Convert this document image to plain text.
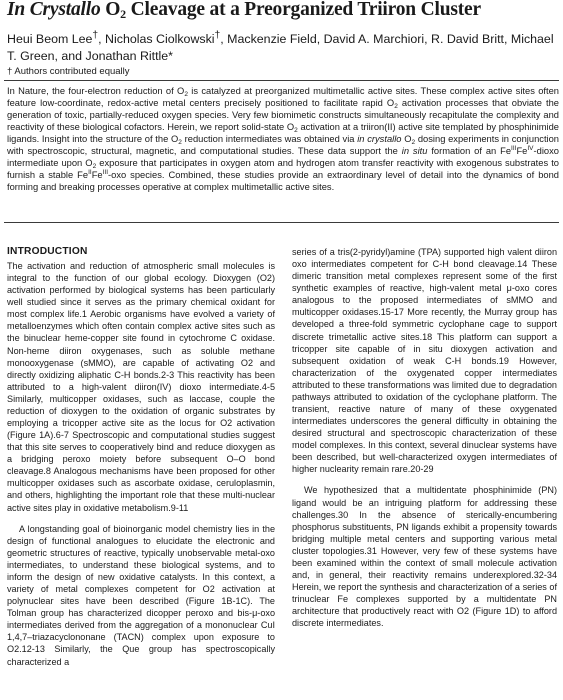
In Crystallo $O_2$ Cleavage at a Preorganized Triiron Cluster

Heui Beom Lee†, Nicholas Ciolkowski†, Mackenzie Field, David A. Marchiori, R. David Britt, Michael T. Green, and Jonathan Rittle*

† Authors contributed equally

In Nature, the four-electron reduction of $O_2$ is catalyzed at preorganized multimetallic active sites. These complex active sites often feature low-coordinate, redox-active metal centers precisely positioned to facilitate rapid $O_2$ activation processes that obviate the generation of toxic, partially-reduced oxygen species. Very few biomimetic constructs simultaneously recapitulate the complexity and reactivity of these biological cofactors. Herein, we report solid-state $O_2$ activation at a triiron(II) active site templated by phosphinimide ligands. Insight into the structure of the $O_2$ reduction intermediates was obtained via in crystallo $O_2$ dosing experiments in conjunction with spectroscopic, structural, magnetic, and computational studies. These data support the in situ formation of an $Fe^{III}Fe^{IV}$-dioxo intermediate upon $O_2$ exposure that participates in oxygen atom and hydrogen atom transfer reactivity with exogenous substrates to furnish a stable $Fe^{II}Fe^{III}$-oxo species. Combined, these studies provide an extraordinary level of detail into the dynamics of bond forming and breaking processes operative at complex multimetallic active sites.

INTRODUCTION

The activation and reduction of atmospheric small molecules is integral to the function of our global ecology. Dioxygen (O2) activation performed by biological systems has been particularly well studied since it serves as the primary chemical oxidant for most complex life.1 Aerobic organisms have evolved a variety of metalloenzymes which often contain complex active sites such as the binuclear heme-copper site found in cytochrome C oxidase. Non-heme diiron oxygenases, such as soluble methane monooxygenase (sMMO), are capable of activating O2 and directly oxidizing aliphatic C-H bonds.2-3 This reactivity has been attributed to a high-valent diiron(IV) dioxo intermediate.4-5 Similarly, multicopper oxidases, such as laccase, couple the reduction of dioxygen to the oxidation of organic substrates by employing a tricopper active site as the locus for O2 activation (Figure 1A).6-7 Spectroscopic and computational studies suggest that this site serves to cooperatively bind and reduce dioxygen as a bridging peroxo moiety before subsequent O–O bond cleavage.8 Analogous mechanisms have been proposed for other multicopper oxidases such as ascorbate oxidase, ceruloplasmin, and others, highlighting the important role that these multi-nuclear active sites play in oxidative metabolism.9-11

A longstanding goal of bioinorganic model chemistry lies in the design of functional analogues to elucidate the electronic and geometric structures of reactive, typically unobservable metal-oxo intermediates, to understand these biological systems, and to inform the design of new oxidative catalysts. In this context, a variety of metal complexes competent for O2 activation at polynuclear sites have been described (Figure 1B-1C). The Tolman group has characterized dicopper peroxo and bis-μ-oxo intermediates derived from the aggregation of a mononuclear CuI 1,4,7–triazacyclononane (TACN) complex upon exposure to O2.12-13 Similarly, the Que group has spectroscopically characterized a

series of a tris(2-pyridyl)amine (TPA) supported high valent diiron oxo intermediates competent for C-H bond cleavage.14 These dimeric transition metal complexes represent some of the first synthetic examples of reactive, high-valent metal μ-oxo cores analogous to the proposed intermediates of sMMO and multicopper oxidases.15-17 More recently, the Murray group has developed a three-fold symmetric cyclophane cage to support discrete trimetallic active sites.18 This platform can support a tricopper site capable of in situ dioxygen activation and subsequent oxidation of weak C-H bonds.19 However, characterization of the oxygenated copper intermediates attributed to these transformations was limited due to degradation pathways attributed to oxidation of the cyclophane platform. The transient, reactive nature of many of these oxygenated intermediates underscores the general difficulty in obtaining the desired structural and spectroscopic characterization of these model complexes. In this context, several dinuclear systems have been described, but well-characterized oxygen intermediates of higher nuclearity remain rare.20-29

We hypothesized that a multidentate phosphinimide (PN) ligand would be an intriguing platform for addressing these challenges.30 In the absence of sterically-encumbering phosphorus substituents, PN ligands exhibit a propensity towards bridging multiple metal centers and supporting various metal cluster topologies.31 However, very few of these systems have been examined within the context of small molecule activation and, in general, their reactivity remains underexplored.32-34 Herein, we report the synthesis and characterization of a series of trinuclear Fe complexes supported by a multidentate PN architecture that productively react with O2 (Figure 1D) to afford discrete intermediates.
